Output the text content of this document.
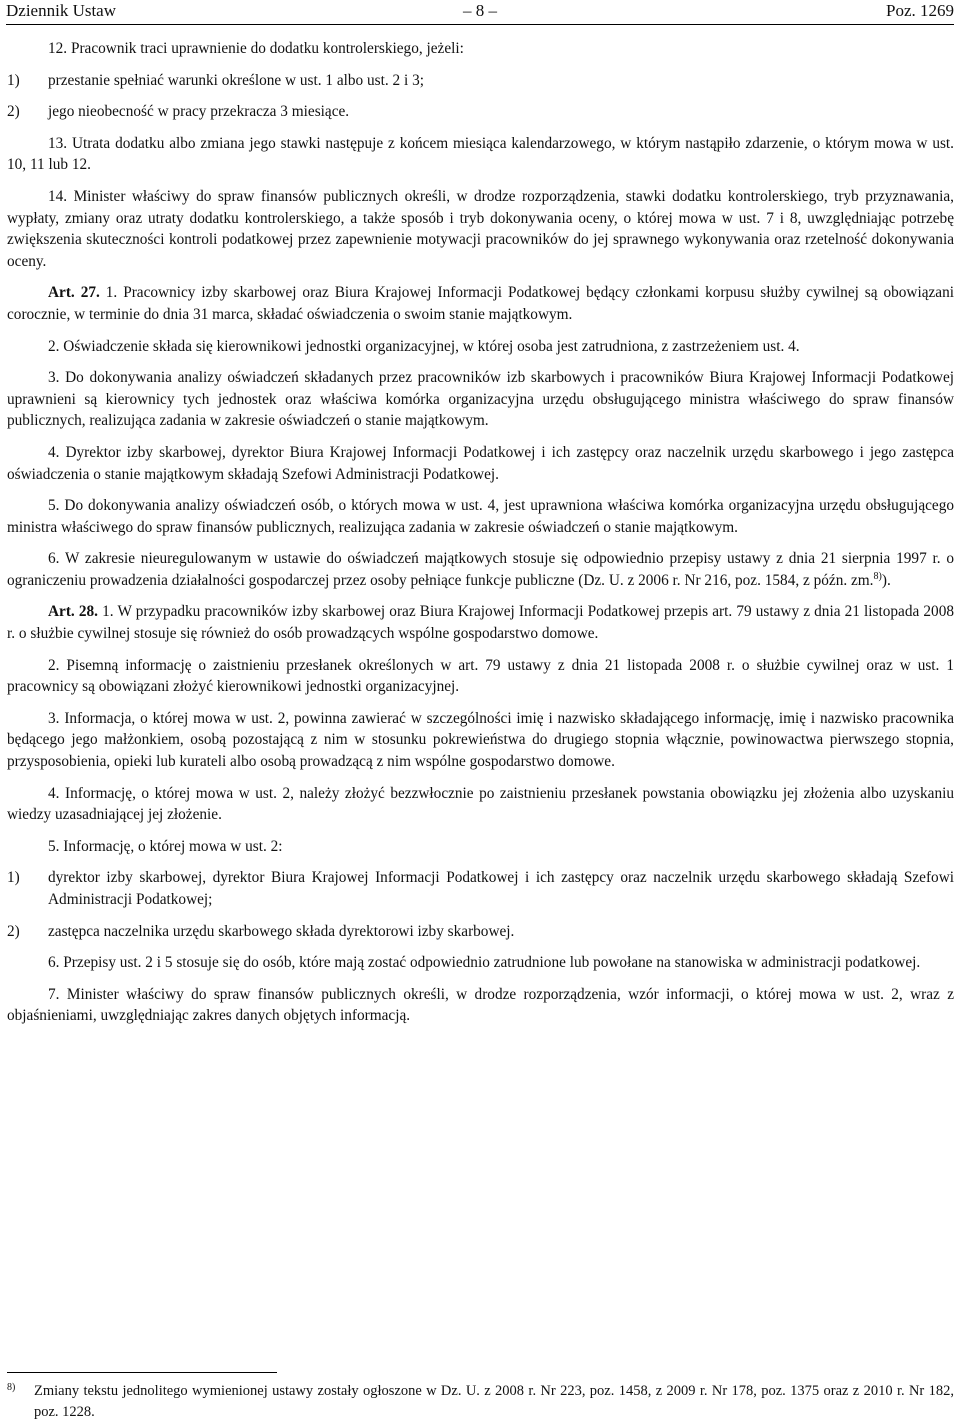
Dziennik Ustaw	– 8 –	Poz. 1269

12. Pracownik traci uprawnienie do dodatku kontrolerskiego, jeżeli:

1)	przestanie spełniać warunki określone w ust. 1 albo ust. 2 i 3;
2)	jego nieobecność w pracy przekracza 3 miesiące.

13. Utrata dodatku albo zmiana jego stawki następuje z końcem miesiąca kalendarzowego, w którym nastąpiło zdarzenie, o którym mowa w ust. 10, 11 lub 12.

14. Minister właściwy do spraw finansów publicznych określi, w drodze rozporządzenia, stawki dodatku kontrolerskiego, tryb przyznawania, wypłaty, zmiany oraz utraty dodatku kontrolerskiego, a także sposób i tryb dokonywania oceny, o której mowa w ust. 7 i 8, uwzględniając potrzebę zwiększenia skuteczności kontroli podatkowej przez zapewnienie motywacji pracowników do jej sprawnego wykonywania oraz rzetelność dokonywania oceny.

Art. 27. 1. Pracownicy izby skarbowej oraz Biura Krajowej Informacji Podatkowej będący członkami korpusu służby cywilnej są obowiązani corocznie, w terminie do dnia 31 marca, składać oświadczenia o swoim stanie majątkowym.

2. Oświadczenie składa się kierownikowi jednostki organizacyjnej, w której osoba jest zatrudniona, z zastrzeżeniem ust. 4.

3. Do dokonywania analizy oświadczeń składanych przez pracowników izb skarbowych i pracowników Biura Krajowej Informacji Podatkowej uprawnieni są kierownicy tych jednostek oraz właściwa komórka organizacyjna urzędu obsługującego ministra właściwego do spraw finansów publicznych, realizująca zadania w zakresie oświadczeń o stanie majątkowym.

4. Dyrektor izby skarbowej, dyrektor Biura Krajowej Informacji Podatkowej i ich zastępcy oraz naczelnik urzędu skarbowego i jego zastępca oświadczenia o stanie majątkowym składają Szefowi Administracji Podatkowej.

5. Do dokonywania analizy oświadczeń osób, o których mowa w ust. 4, jest uprawniona właściwa komórka organizacyjna urzędu obsługującego ministra właściwego do spraw finansów publicznych, realizująca zadania w zakresie oświadczeń o stanie majątkowym.

6. W zakresie nieuregulowanym w ustawie do oświadczeń majątkowych stosuje się odpowiednio przepisy ustawy z dnia 21 sierpnia 1997 r. o ograniczeniu prowadzenia działalności gospodarczej przez osoby pełniące funkcje publiczne (Dz. U. z 2006 r. Nr 216, poz. 1584, z późn. zm.$^{8)}$).

Art. 28. 1. W przypadku pracowników izby skarbowej oraz Biura Krajowej Informacji Podatkowej przepis art. 79 ustawy z dnia 21 listopada 2008 r. o służbie cywilnej stosuje się również do osób prowadzących wspólne gospodarstwo domowe.

2. Pisemną informację o zaistnieniu przesłanek określonych w art. 79 ustawy z dnia 21 listopada 2008 r. o służbie cywilnej oraz w ust. 1 pracownicy są obowiązani złożyć kierownikowi jednostki organizacyjnej.

3. Informacja, o której mowa w ust. 2, powinna zawierać w szczególności imię i nazwisko składającego informację, imię i nazwisko pracownika będącego jego małżonkiem, osobą pozostającą z nim w stosunku pokrewieństwa do drugiego stopnia włącznie, powinowactwa pierwszego stopnia, przysposobienia, opieki lub kurateli albo osobą prowadzącą z nim wspólne gospodarstwo domowe.

4. Informację, o której mowa w ust. 2, należy złożyć bezzwłocznie po zaistnieniu przesłanek powstania obowiązku jej złożenia albo uzyskaniu wiedzy uzasadniającej jej złożenie.

5. Informację, o której mowa w ust. 2:

1)	dyrektor izby skarbowej, dyrektor Biura Krajowej Informacji Podatkowej i ich zastępcy oraz naczelnik urzędu skarbowego składają Szefowi Administracji Podatkowej;
2)	zastępca naczelnika urzędu skarbowego składa dyrektorowi izby skarbowej.

6. Przepisy ust. 2 i 5 stosuje się do osób, które mają zostać odpowiednio zatrudnione lub powołane na stanowiska w administracji podatkowej.

7. Minister właściwy do spraw finansów publicznych określi, w drodze rozporządzenia, wzór informacji, o której mowa w ust. 2, wraz z objaśnieniami, uwzględniając zakres danych objętych informacją.

8)	Zmiany tekstu jednolitego wymienionej ustawy zostały ogłoszone w Dz. U. z 2008 r. Nr 223, poz. 1458, z 2009 r. Nr 178, poz. 1375 oraz z 2010 r. Nr 182, poz. 1228.
